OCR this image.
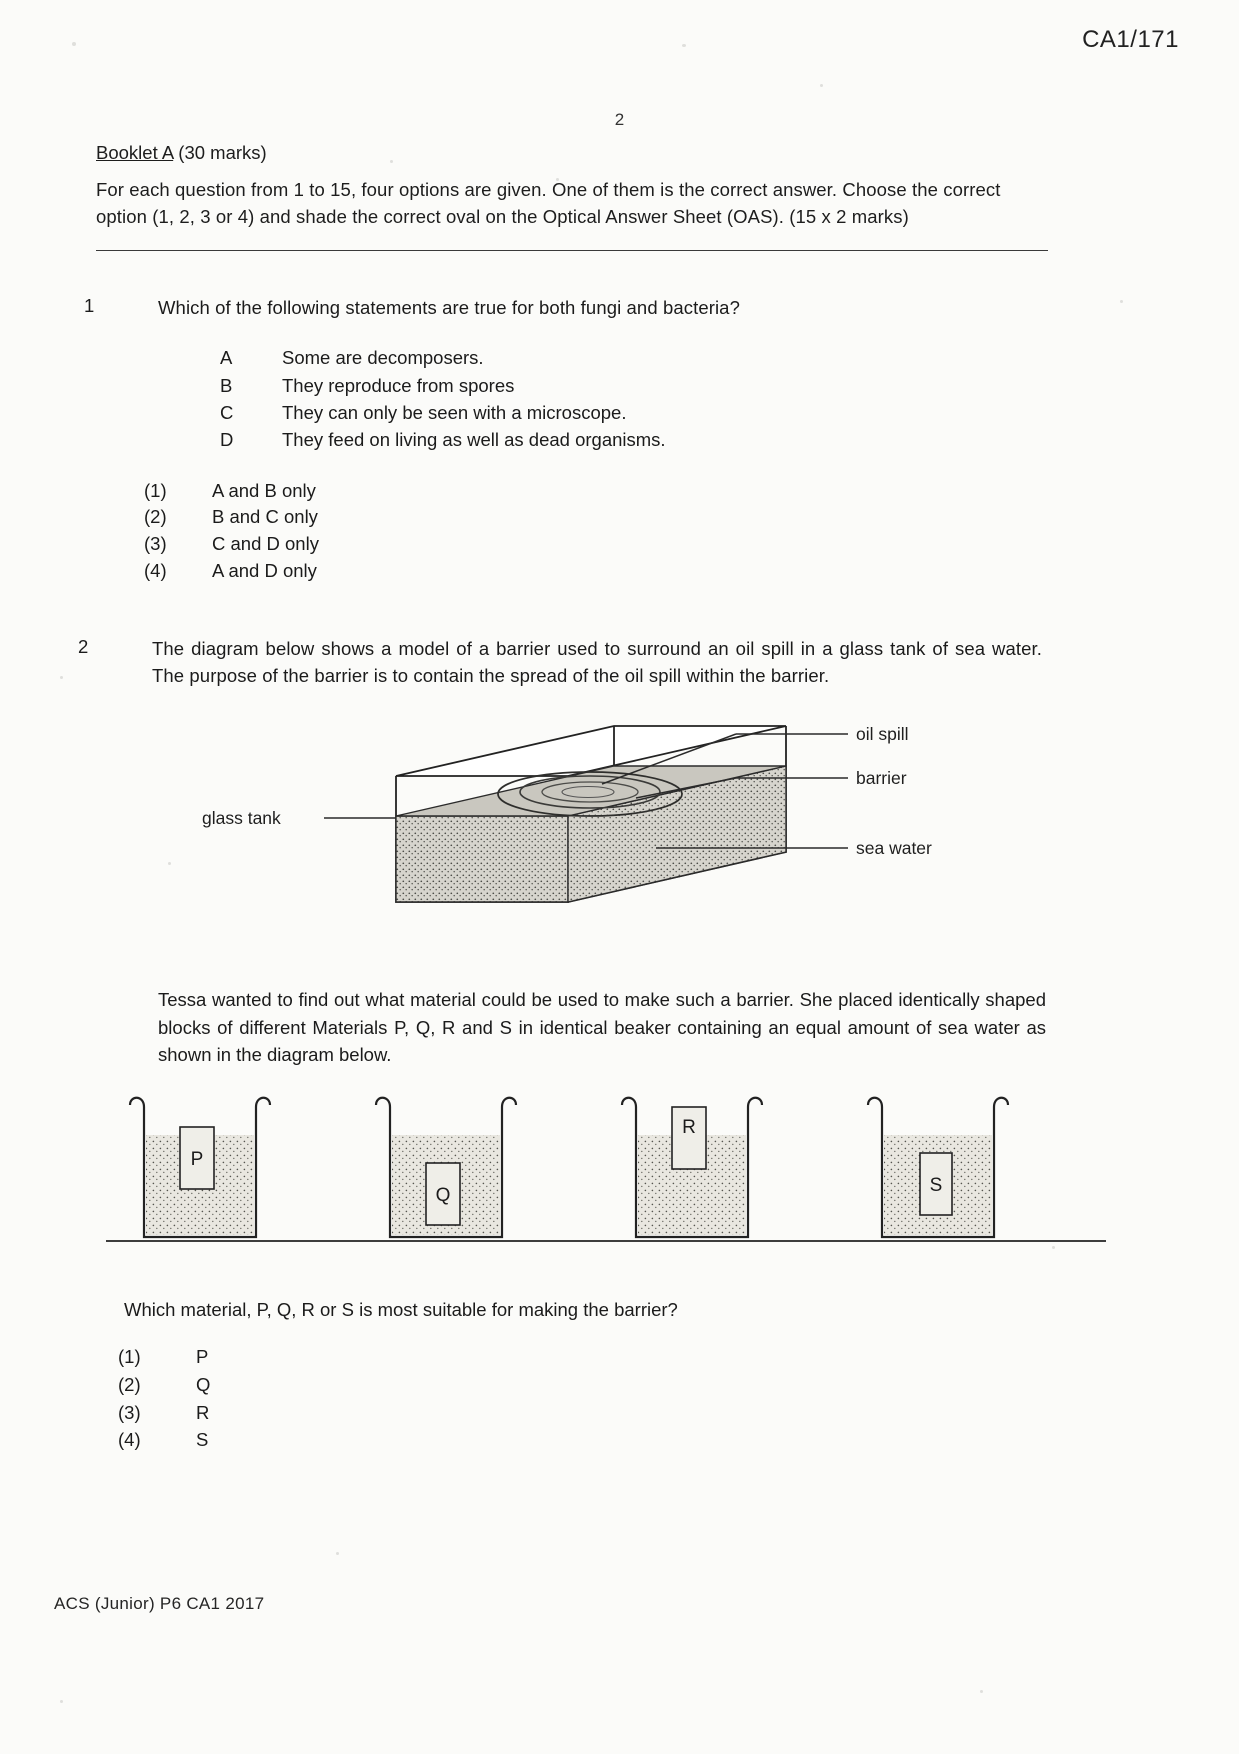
CA1/171
2
Booklet A (30 marks)
For each question from 1 to 15, four options are given. One of them is the correct answer. Choose the correct option (1, 2, 3 or 4) and shade the correct oval on the Optical Answer Sheet (OAS). (15 x 2 marks)
1	Which of the following statements are true for both fungi and bacteria?
A	Some are decomposers.
B	They reproduce from spores
C	They can only be seen with a microscope.
D	They feed on living as well as dead organisms.
(1)	A and B only
(2)	B and C only
(3)	C and D only
(4)	A and D only
2	The diagram below shows a model of a barrier used to surround an oil spill in a glass tank of sea water. The purpose of the barrier is to contain the spread of the oil spill within the barrier.
oil spill
barrier
sea water
glass tank
Tessa wanted to find out what material could be used to make such a barrier. She placed identically shaped blocks of different Materials P, Q, R and S in identical beaker containing an equal amount of sea water as shown in the diagram below.
P
Q
R
S
Which material, P, Q, R or S is most suitable for making the barrier?
(1)	P
(2)	Q
(3)	R
(4)	S
ACS (Junior) P6 CA1 2017
